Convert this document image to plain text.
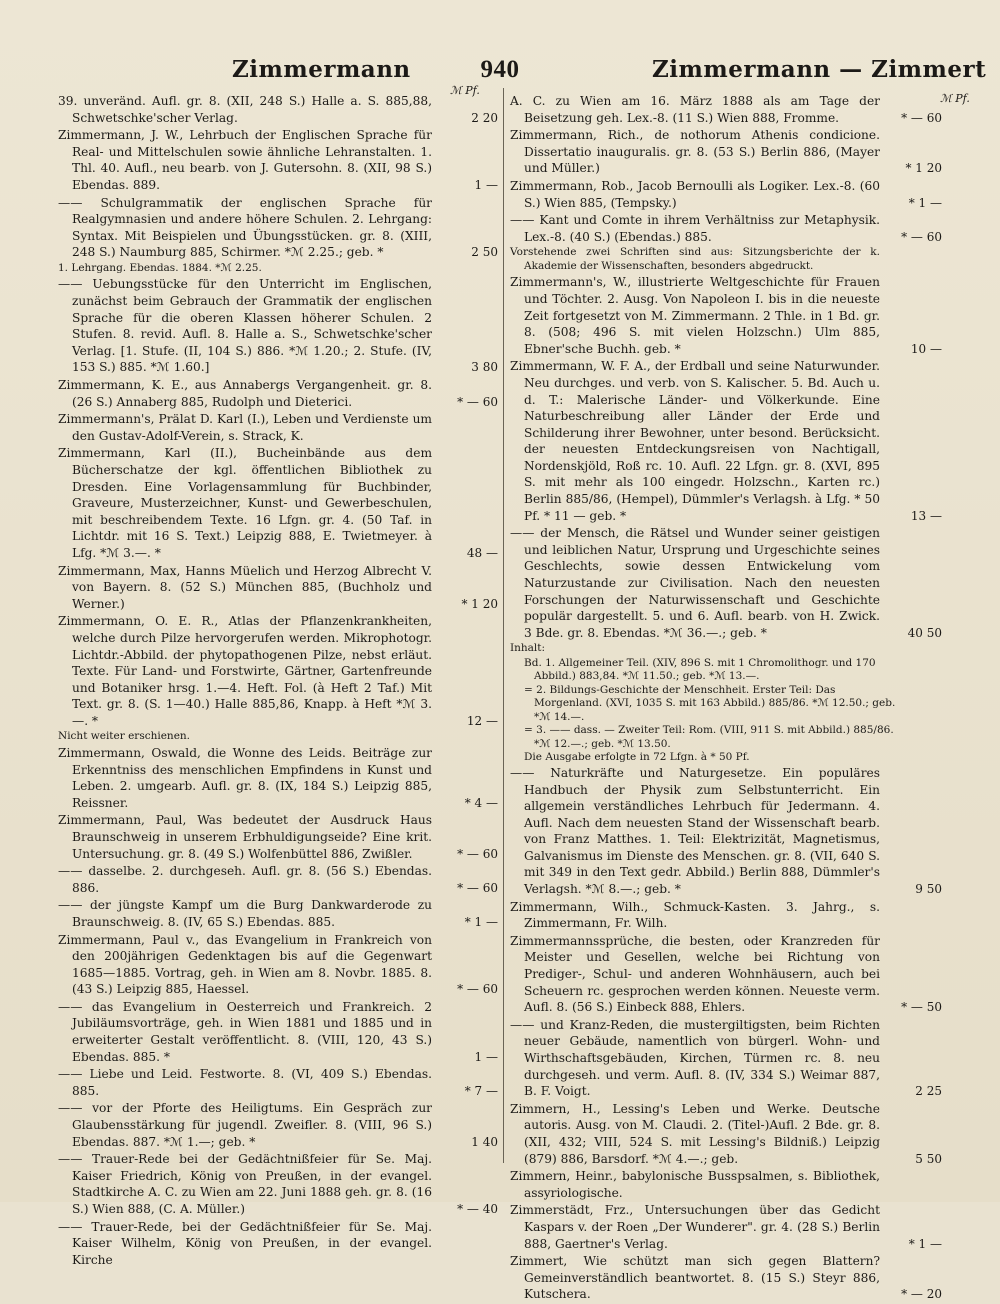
940
Zimmermann	Zimmermann — Zimmert
ℳ Pf.
ℳ Pf.
39. unveränd. Aufl. gr. 8. (XII, 248 S.) Halle a. S. 885,88, Schwetschke'scher Verlag.	2 20
Zimmermann, J. W., Lehrbuch der Englischen Sprache für Real- und Mittelschulen sowie ähnliche Lehranstalten. 1. Thl. 40. Aufl., neu bearb. von J. Gutersohn. 8. (XII, 98 S.) Ebendas. 889.	1 —
—— Schulgrammatik der englischen Sprache für Realgymnasien und andere höhere Schulen. 2. Lehrgang: Syntax. Mit Beispielen und Übungsstücken. gr. 8. (XIII, 248 S.) Naumburg 885, Schirmer. *ℳ 2.25.; geb. *	2 50
1. Lehrgang. Ebendas. 1884. *ℳ 2.25.
—— Uebungsstücke für den Unterricht im Englischen, zunächst beim Gebrauch der Grammatik der englischen Sprache für die oberen Klassen höherer Schulen. 2 Stufen. 8. revid. Aufl. 8. Halle a. S., Schwetschke'scher Verlag. [1. Stufe. (II, 104 S.) 886. *ℳ 1.20.; 2. Stufe. (IV, 153 S.) 885. *ℳ 1.60.]	3 80
Zimmermann, K. E., aus Annabergs Vergangenheit. gr. 8. (26 S.) Annaberg 885, Rudolph und Dieterici.	* — 60
Zimmermann's, Prälat D. Karl (I.), Leben und Verdienste um den Gustav-Adolf-Verein, s. Strack, K.
Zimmermann, Karl (II.), Bucheinbände aus dem Bücherschatze der kgl. öffentlichen Bibliothek zu Dresden. Eine Vorlagensammlung für Buchbinder, Graveure, Musterzeichner, Kunst- und Gewerbeschulen, mit beschreibendem Texte. 16 Lfgn. gr. 4. (50 Taf. in Lichtdr. mit 16 S. Text.) Leipzig 888, E. Twietmeyer. à Lfg. *ℳ 3.—. *	48 —
Zimmermann, Max, Hanns Müelich und Herzog Albrecht V. von Bayern. 8. (52 S.) München 885, (Buchholz und Werner.)	* 1 20
Zimmermann, O. E. R., Atlas der Pflanzenkrankheiten, welche durch Pilze hervorgerufen werden. Mikrophotogr. Lichtdr.-Abbild. der phytopathogenen Pilze, nebst erläut. Texte. Für Land- und Forstwirte, Gärtner, Gartenfreunde und Botaniker hrsg. 1.—4. Heft. Fol. (à Heft 2 Taf.) Mit Text. gr. 8. (S. 1—40.) Halle 885,86, Knapp. à Heft *ℳ 3.—. *	12 —
Nicht weiter erschienen.
Zimmermann, Oswald, die Wonne des Leids. Beiträge zur Erkenntniss des menschlichen Empfindens in Kunst und Leben. 2. umgearb. Aufl. gr. 8. (IX, 184 S.) Leipzig 885, Reissner.	* 4 —
Zimmermann, Paul, Was bedeutet der Ausdruck Haus Braunschweig in unserem Erbhuldigungseide? Eine krit. Untersuchung. gr. 8. (49 S.) Wolfenbüttel 886, Zwißler.	* — 60
—— dasselbe. 2. durchgeseh. Aufl. gr. 8. (56 S.) Ebendas. 886.	* — 60
—— der jüngste Kampf um die Burg Dankwarderode zu Braunschweig. 8. (IV, 65 S.) Ebendas. 885.	* 1 —
Zimmermann, Paul v., das Evangelium in Frankreich von den 200jährigen Gedenktagen bis auf die Gegenwart 1685—1885. Vortrag, geh. in Wien am 8. Novbr. 1885. 8. (43 S.) Leipzig 885, Haessel.	* — 60
—— das Evangelium in Oesterreich und Frankreich. 2 Jubiläumsvorträge, geh. in Wien 1881 und 1885 und in erweiterter Gestalt veröffentlicht. 8. (VIII, 120, 43 S.) Ebendas. 885. *	1 —
—— Liebe und Leid. Festworte. 8. (VI, 409 S.) Ebendas. 885.	* 7 —
—— vor der Pforte des Heiligtums. Ein Gespräch zur Glaubensstärkung für jugendl. Zweifler. 8. (VIII, 96 S.) Ebendas. 887. *ℳ 1.—; geb. *	1 40
—— Trauer-Rede bei der Gedächtnißfeier für Se. Maj. Kaiser Friedrich, König von Preußen, in der evangel. Stadtkirche A. C. zu Wien am 22. Juni 1888 geh. gr. 8. (16 S.) Wien 888, (C. A. Müller.)	* — 40
—— Trauer-Rede, bei der Gedächtnißfeier für Se. Maj. Kaiser Wilhelm, König von Preußen, in der evangel. Kirche
A. C. zu Wien am 16. März 1888 als am Tage der Beisetzung geh. Lex.-8. (11 S.) Wien 888, Fromme.	* — 60
Zimmermann, Rich., de nothorum Athenis condicione. Dissertatio inauguralis. gr. 8. (53 S.) Berlin 886, (Mayer und Müller.)	* 1 20
Zimmermann, Rob., Jacob Bernoulli als Logiker. Lex.-8. (60 S.) Wien 885, (Tempsky.)	* 1 —
—— Kant und Comte in ihrem Verhältniss zur Metaphysik. Lex.-8. (40 S.) (Ebendas.) 885.	* — 60
Vorstehende zwei Schriften sind aus: Sitzungsberichte der k. Akademie der Wissenschaften, besonders abgedruckt.
Zimmermann's, W., illustrierte Weltgeschichte für Frauen und Töchter. 2. Ausg. Von Napoleon I. bis in die neueste Zeit fortgesetzt von M. Zimmermann. 2 Thle. in 1 Bd. gr. 8. (508; 496 S. mit vielen Holzschn.) Ulm 885, Ebner'sche Buchh. geb. *	10 —
Zimmermann, W. F. A., der Erdball und seine Naturwunder. Neu durchges. und verb. von S. Kalischer. 5. Bd. Auch u. d. T.: Malerische Länder- und Völkerkunde. Eine Naturbeschreibung aller Länder der Erde und Schilderung ihrer Bewohner, unter besond. Berücksicht. der neuesten Entdeckungsreisen von Nachtigall, Nordenskjöld, Roß rc. 10. Aufl. 22 Lfgn. gr. 8. (XVI, 895 S. mit mehr als 100 eingedr. Holzschn., Karten rc.) Berlin 885/86, (Hempel), Dümmler's Verlagsh. à Lfg. * 50 Pf. * 11 — geb. *	13 —
—— der Mensch, die Rätsel und Wunder seiner geistigen und leiblichen Natur, Ursprung und Urgeschichte seines Geschlechts, sowie dessen Entwickelung vom Naturzustande zur Civilisation. Nach den neuesten Forschungen der Naturwissenschaft und Geschichte populär dargestellt. 5. und 6. Aufl. bearb. von H. Zwick. 3 Bde. gr. 8. Ebendas. *ℳ 36.—.; geb. *	40 50
Inhalt:
Bd. 1. Allgemeiner Teil. (XIV, 896 S. mit 1 Chromolithogr. und 170 Abbild.) 883,84. *ℳ 11.50.; geb. *ℳ 13.—.
= 2. Bildungs-Geschichte der Menschheit. Erster Teil: Das Morgenland. (XVI, 1035 S. mit 163 Abbild.) 885/86. *ℳ 12.50.; geb. *ℳ 14.—.
= 3. —— dass. — Zweiter Teil: Rom. (VIII, 911 S. mit Abbild.) 885/86. *ℳ 12.—.; geb. *ℳ 13.50.
Die Ausgabe erfolgte in 72 Lfgn. à * 50 Pf.
—— Naturkräfte und Naturgesetze. Ein populäres Handbuch der Physik zum Selbstunterricht. Ein allgemein verständliches Lehrbuch für Jedermann. 4. Aufl. Nach dem neuesten Stand der Wissenschaft bearb. von Franz Matthes. 1. Teil: Elektrizität, Magnetismus, Galvanismus im Dienste des Menschen. gr. 8. (VII, 640 S. mit 349 in den Text gedr. Abbild.) Berlin 888, Dümmler's Verlagsh. *ℳ 8.—.; geb. *	9 50
Zimmermann, Wilh., Schmuck-Kasten. 3. Jahrg., s. Zimmermann, Fr. Wilh.
Zimmermannssprüche, die besten, oder Kranzreden für Meister und Gesellen, welche bei Richtung von Prediger-, Schul- und anderen Wohnhäusern, auch bei Scheuern rc. gesprochen werden können. Neueste verm. Aufl. 8. (56 S.) Einbeck 888, Ehlers.	* — 50
—— und Kranz-Reden, die mustergiltigsten, beim Richten neuer Gebäude, namentlich von bürgerl. Wohn- und Wirthschaftsgebäuden, Kirchen, Türmen rc. 8. neu durchgeseh. und verm. Aufl. 8. (IV, 334 S.) Weimar 887, B. F. Voigt.	2 25
Zimmern, H., Lessing's Leben und Werke. Deutsche autoris. Ausg. von M. Claudi. 2. (Titel-)Aufl. 2 Bde. gr. 8. (XII, 432; VIII, 524 S. mit Lessing's Bildniß.) Leipzig (879) 886, Barsdorf. *ℳ 4.—.; geb.	5 50
Zimmern, Heinr., babylonische Busspsalmen, s. Bibliothek, assyriologische.
Zimmerstädt, Frz., Untersuchungen über das Gedicht Kaspars v. der Roen „Der Wunderer". gr. 4. (28 S.) Berlin 888, Gaertner's Verlag.	* 1 —
Zimmert, Wie schützt man sich gegen Blattern? Gemeinverständlich beantwortet. 8. (15 S.) Steyr 886, Kutschera.	* — 20
